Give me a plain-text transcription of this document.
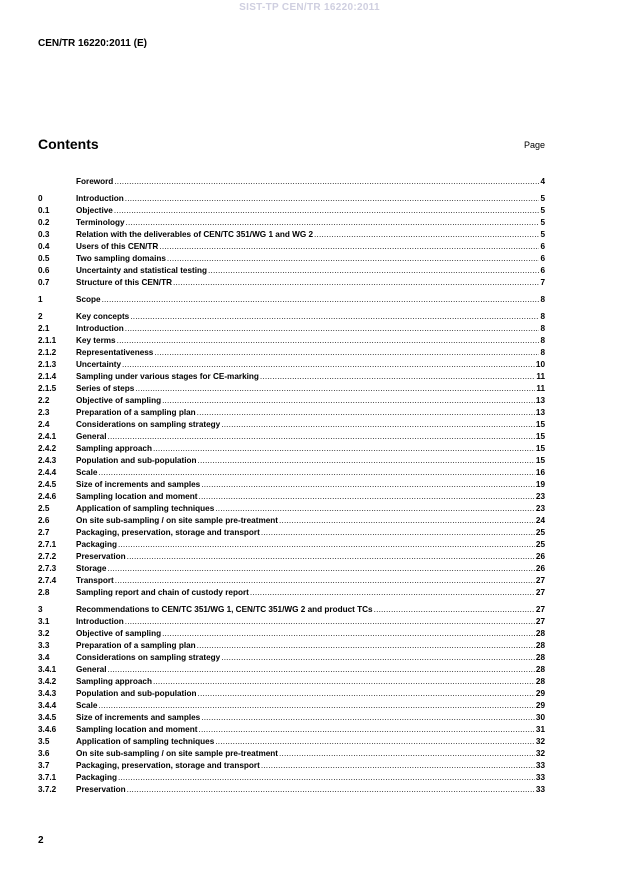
SIST-TP CEN/TR 16220:2011
CEN/TR 16220:2011 (E)
Contents	Page
Foreword .....	4
0	Introduction .....	5
0.1	Objective .....	5
0.2	Terminology .....	5
0.3	Relation with the deliverables of CEN/TC 351/WG 1 and WG 2 .....	5
0.4	Users of this CEN/TR .....	6
0.5	Two sampling domains .....	6
0.6	Uncertainty and statistical testing .....	6
0.7	Structure of this CEN/TR .....	7
1	Scope .....	8
2	Key concepts .....	8
2.1	Introduction .....	8
2.1.1	Key terms .....	8
2.1.2	Representativeness .....	8
2.1.3	Uncertainty .....	10
2.1.4	Sampling under various stages for CE-marking .....	11
2.1.5	Series of steps .....	11
2.2	Objective of sampling .....	13
2.3	Preparation of a sampling plan .....	13
2.4	Considerations on sampling strategy .....	15
2.4.1	General .....	15
2.4.2	Sampling approach .....	15
2.4.3	Population and sub-population .....	15
2.4.4	Scale .....	16
2.4.5	Size of increments and samples .....	19
2.4.6	Sampling location and moment .....	23
2.5	Application of sampling techniques .....	23
2.6	On site sub-sampling / on site sample pre-treatment .....	24
2.7	Packaging, preservation, storage and transport .....	25
2.7.1	Packaging .....	25
2.7.2	Preservation .....	26
2.7.3	Storage .....	26
2.7.4	Transport .....	27
2.8	Sampling report and chain of custody report .....	27
3	Recommendations to CEN/TC 351/WG 1, CEN/TC 351/WG 2 and product TCs .....	27
3.1	Introduction .....	27
3.2	Objective of sampling .....	28
3.3	Preparation of a sampling plan .....	28
3.4	Considerations on sampling strategy .....	28
3.4.1	General .....	28
3.4.2	Sampling approach .....	28
3.4.3	Population and sub-population .....	29
3.4.4	Scale .....	29
3.4.5	Size of increments and samples .....	30
3.4.6	Sampling location and moment .....	31
3.5	Application of sampling techniques .....	32
3.6	On site sub-sampling / on site sample pre-treatment .....	32
3.7	Packaging, preservation, storage and transport .....	33
3.7.1	Packaging .....	33
3.7.2	Preservation .....	33
2
